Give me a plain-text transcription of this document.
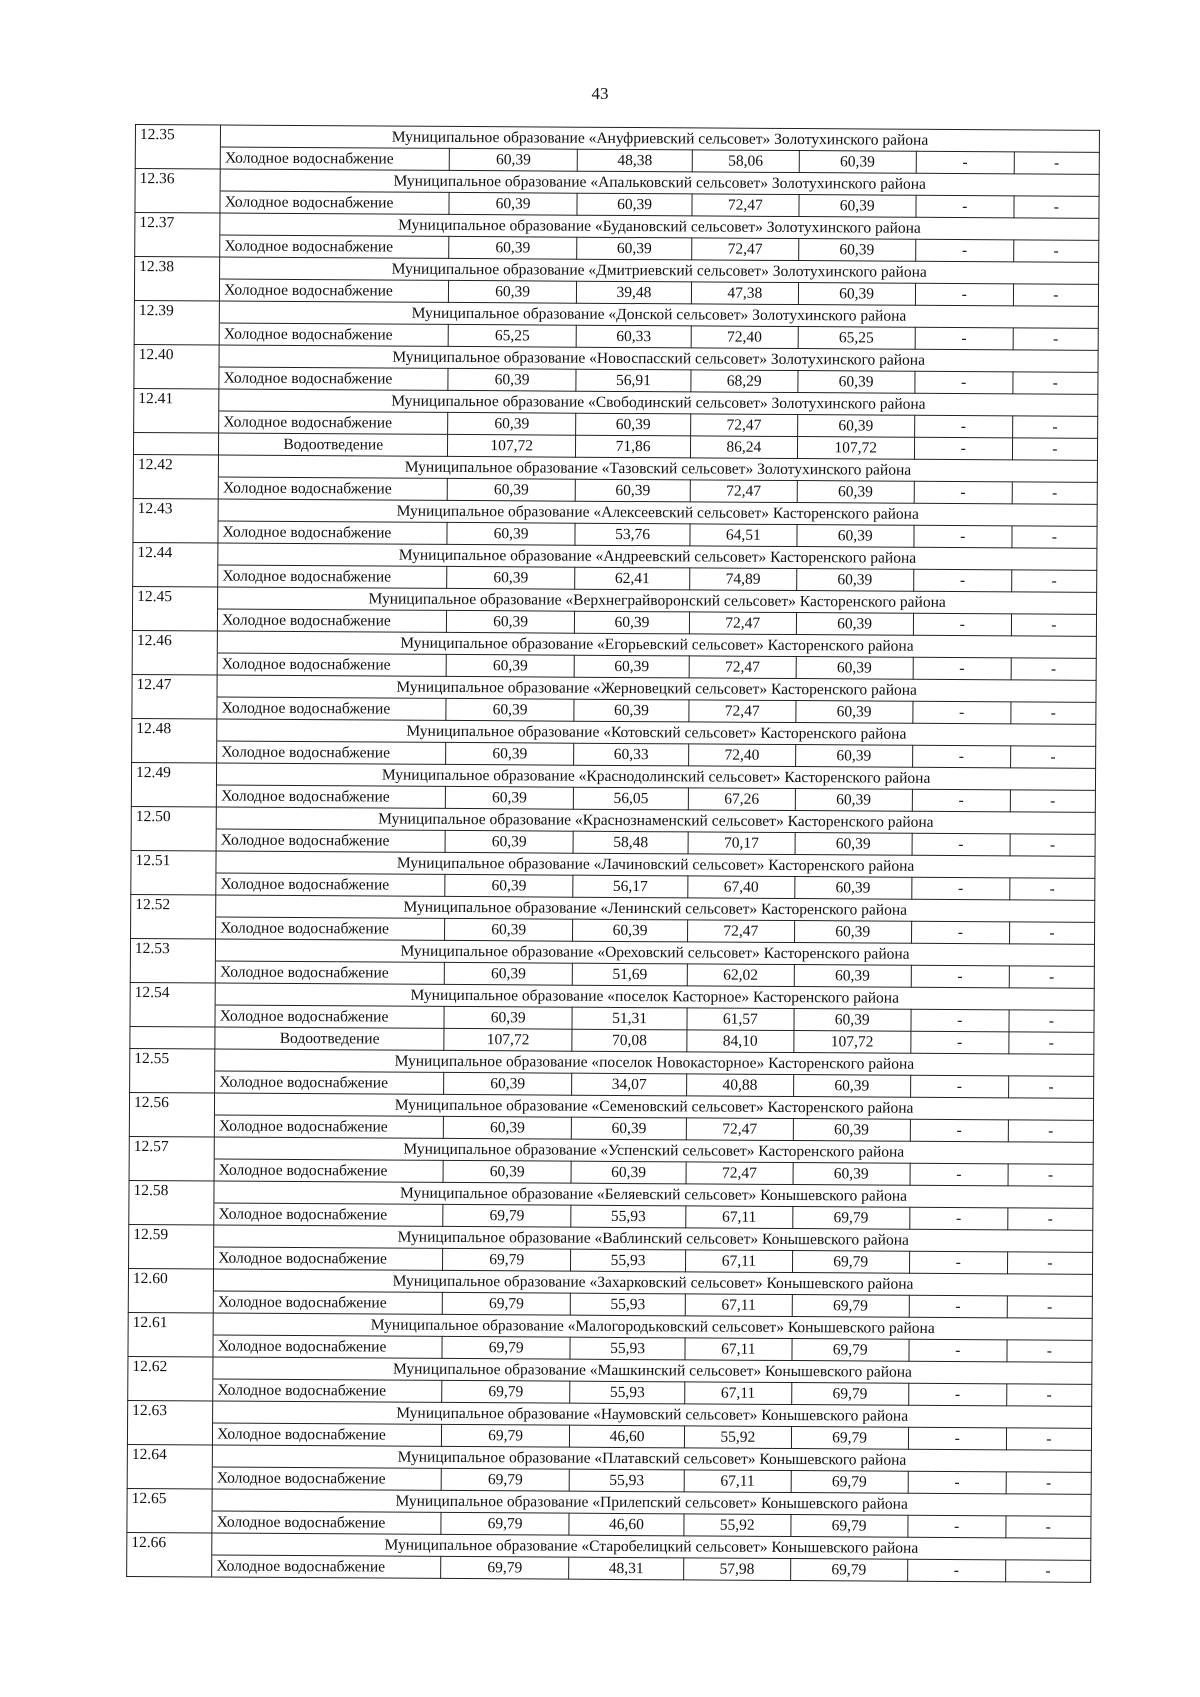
43
12.35	Муниципальное образование «Ануфриевский сельсовет» Золотухинского района						
	Холодное водоснабжение	60,39	48,38	58,06	60,39	-	-
12.36	Муниципальное образование «Апальковский сельсовет» Золотухинского района						
	Холодное водоснабжение	60,39	60,39	72,47	60,39	-	-
12.37	Муниципальное образование «Будановский сельсовет» Золотухинского района						
	Холодное водоснабжение	60,39	60,39	72,47	60,39	-	-
12.38	Муниципальное образование «Дмитриевский сельсовет» Золотухинского района						
	Холодное водоснабжение	60,39	39,48	47,38	60,39	-	-
12.39	Муниципальное образование «Донской сельсовет» Золотухинского района						
	Холодное водоснабжение	65,25	60,33	72,40	65,25	-	-
12.40	Муниципальное образование «Новоспасский сельсовет» Золотухинского района						
	Холодное водоснабжение	60,39	56,91	68,29	60,39	-	-
12.41	Муниципальное образование «Свободинский сельсовет» Золотухинского района						
	Холодное водоснабжение	60,39	60,39	72,47	60,39	-	-
	Водоотведение	107,72	71,86	86,24	107,72	-	-
12.42	Муниципальное образование «Тазовский сельсовет» Золотухинского района						
	Холодное водоснабжение	60,39	60,39	72,47	60,39	-	-
12.43	Муниципальное образование «Алексеевский сельсовет» Касторенского района						
	Холодное водоснабжение	60,39	53,76	64,51	60,39	-	-
12.44	Муниципальное образование «Андреевский сельсовет» Касторенского района						
	Холодное водоснабжение	60,39	62,41	74,89	60,39	-	-
12.45	Муниципальное образование «Верхнеграйворонский сельсовет» Касторенского района						
	Холодное водоснабжение	60,39	60,39	72,47	60,39	-	-
12.46	Муниципальное образование «Егорьевский сельсовет» Касторенского района						
	Холодное водоснабжение	60,39	60,39	72,47	60,39	-	-
12.47	Муниципальное образование «Жерновецкий сельсовет» Касторенского района						
	Холодное водоснабжение	60,39	60,39	72,47	60,39	-	-
12.48	Муниципальное образование «Котовский сельсовет» Касторенского района						
	Холодное водоснабжение	60,39	60,33	72,40	60,39	-	-
12.49	Муниципальное образование «Краснодолинский сельсовет» Касторенского района						
	Холодное водоснабжение	60,39	56,05	67,26	60,39	-	-
12.50	Муниципальное образование «Краснознаменский сельсовет» Касторенского района						
	Холодное водоснабжение	60,39	58,48	70,17	60,39	-	-
12.51	Муниципальное образование «Лачиновский сельсовет» Касторенского района						
	Холодное водоснабжение	60,39	56,17	67,40	60,39	-	-
12.52	Муниципальное образование «Ленинский сельсовет» Касторенского района						
	Холодное водоснабжение	60,39	60,39	72,47	60,39	-	-
12.53	Муниципальное образование «Ореховский сельсовет» Касторенского района						
	Холодное водоснабжение	60,39	51,69	62,02	60,39	-	-
12.54	Муниципальное образование «поселок Касторное» Касторенского района						
	Холодное водоснабжение	60,39	51,31	61,57	60,39	-	-
	Водоотведение	107,72	70,08	84,10	107,72	-	-
12.55	Муниципальное образование «поселок Новокасторное» Касторенского района						
	Холодное водоснабжение	60,39	34,07	40,88	60,39	-	-
12.56	Муниципальное образование «Семеновский сельсовет» Касторенского района						
	Холодное водоснабжение	60,39	60,39	72,47	60,39	-	-
12.57	Муниципальное образование «Успенский сельсовет» Касторенского района						
	Холодное водоснабжение	60,39	60,39	72,47	60,39	-	-
12.58	Муниципальное образование «Беляевский сельсовет» Конышевского района						
	Холодное водоснабжение	69,79	55,93	67,11	69,79	-	-
12.59	Муниципальное образование «Ваблинский сельсовет» Конышевского района						
	Холодное водоснабжение	69,79	55,93	67,11	69,79	-	-
12.60	Муниципальное образование «Захарковский сельсовет» Конышевского района						
	Холодное водоснабжение	69,79	55,93	67,11	69,79	-	-
12.61	Муниципальное образование «Малогородьковский сельсовет» Конышевского района						
	Холодное водоснабжение	69,79	55,93	67,11	69,79	-	-
12.62	Муниципальное образование «Машкинский сельсовет» Конышевского района						
	Холодное водоснабжение	69,79	55,93	67,11	69,79	-	-
12.63	Муниципальное образование «Наумовский сельсовет» Конышевского района						
	Холодное водоснабжение	69,79	46,60	55,92	69,79	-	-
12.64	Муниципальное образование «Платавский сельсовет» Конышевского района						
	Холодное водоснабжение	69,79	55,93	67,11	69,79	-	-
12.65	Муниципальное образование «Прилепский сельсовет» Конышевского района						
	Холодное водоснабжение	69,79	46,60	55,92	69,79	-	-
12.66	Муниципальное образование «Старобелицкий сельсовет» Конышевского района						
	Холодное водоснабжение	69,79	48,31	57,98	69,79	-	-
